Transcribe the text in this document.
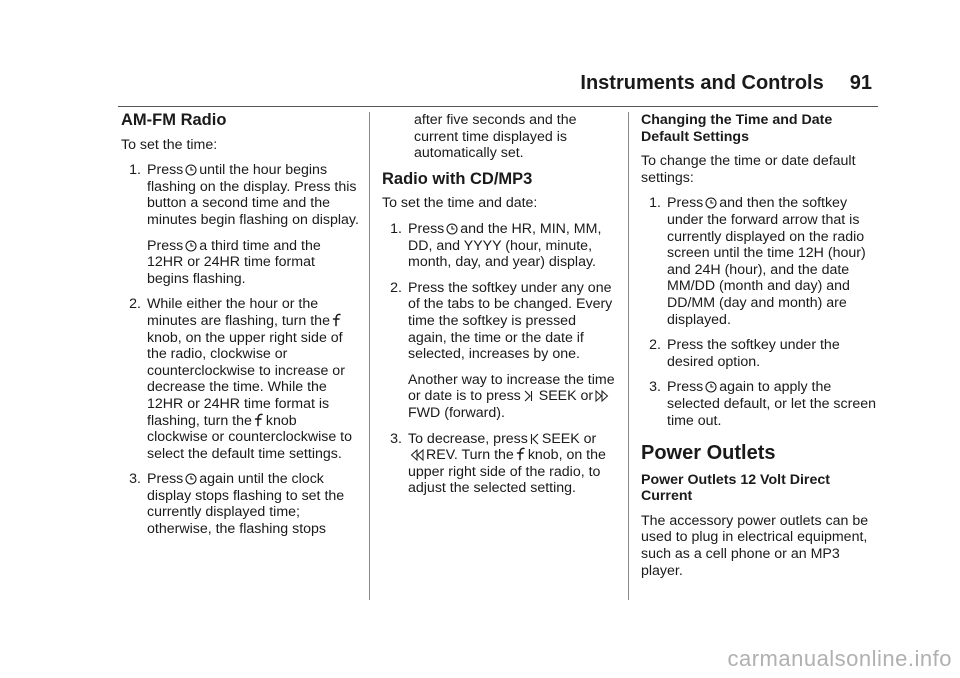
Instruments and Controls 91
AM-FM Radio

To set the time:

1. Press until the hour begins flashing on the display. Press this button a second time and the minutes begin flashing on display.

Press a third time and the 12HR or 24HR time format begins flashing.

2. While either the hour or the minutes are flashing, turn the
knob, on the upper right side of the radio, clockwise or counterclockwise to increase or decrease the time. While the 12HR or 24HR time format is flashing, turn the knob clockwise or counterclockwise to select the default time settings.

3. Press again until the clock display stops flashing to set the currently displayed time; otherwise, the flashing stops

after five seconds and the current time displayed is automatically set.

Radio with CD/MP3

To set the time and date:

1. Press and the HR, MIN, MM, DD, and YYYY (hour, minute, month, day, and year) display.

2. Press the softkey under any one of the tabs to be changed. Every time the softkey is pressed again, the time or the date if selected, increases by one.

Another way to increase the time or date is to press SEEK or
FWD (forward).

3. To decrease, press SEEK or
REV. Turn the knob, on the upper right side of the radio, to adjust the selected setting.

Changing the Time and Date Default Settings

To change the time or date default settings:

1. Press and then the softkey under the forward arrow that is currently displayed on the radio screen until the time 12H (hour) and 24H (hour), and the date MM/DD (month and day) and DD/MM (day and month) are displayed.

2. Press the softkey under the desired option.

3. Press again to apply the selected default, or let the screen time out.

Power Outlets
Power Outlets 12 Volt Direct Current

The accessory power outlets can be used to plug in electrical equipment, such as a cell phone or an MP3 player.

carmanualsonline.info
